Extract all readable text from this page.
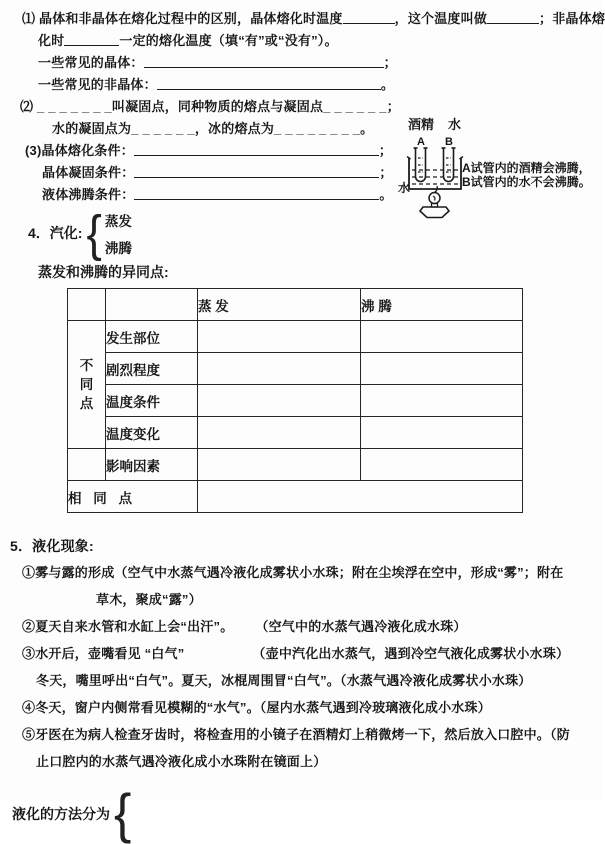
⑴ 晶体和非晶体在熔化过程中的区别，晶体熔化时温度	，这个温度叫做	；非晶体熔
化时	一定的熔化温度（填“有”或“没有”）。
一些常见的晶体：	；
一些常见的非晶体：	。
⑵ _ _ _ _ _ _ _叫凝固点，同种物质的熔点与凝固点_ _ _ _ _ _；
水的凝固点为_ _ _ _ _ _，冰的熔点为_ _ _ _ _ _ _ _。
(3)晶体熔化条件：	；
晶体凝固条件：	；
液体沸腾条件：	。
4．汽化: { 蒸发
沸腾
蒸发和沸腾的异同点:
		蒸 发	沸 腾
不同点	发生部位		
	剧烈程度		
	温度条件		
	温度变化		
	影响因素		
相 同 点			
5．液化现象:
①雾与露的形成（空气中水蒸气遇冷液化成雾状小水珠；附在尘埃浮在空中，形成“雾”；附在
草木，聚成“露”）
②夏天自来水管和水缸上会“出汗”。 （空气中的水蒸气遇冷液化成水珠）
③水开后，壶嘴看见 “白气”	（壶中汽化出水蒸气，遇到冷空气液化成雾状小水珠）
冬天，嘴里呼出“白气”。夏天，冰棍周围冒“白气”。（水蒸气遇冷液化成雾状小水珠）
④冬天，窗户内侧常看见模糊的“水气”。（屋内水蒸气遇到冷玻璃液化成小水珠）
⑤牙医在为病人检查牙齿时，将检查用的小镜子在酒精灯上稍微烤一下，然后放入口腔中。（防
止口腔内的水蒸气遇冷液化成小水珠附在镜面上）
液化的方法分为 {
酒精 水
A B
水
A试管内的酒精会沸腾，
B试管内的水不会沸腾。
